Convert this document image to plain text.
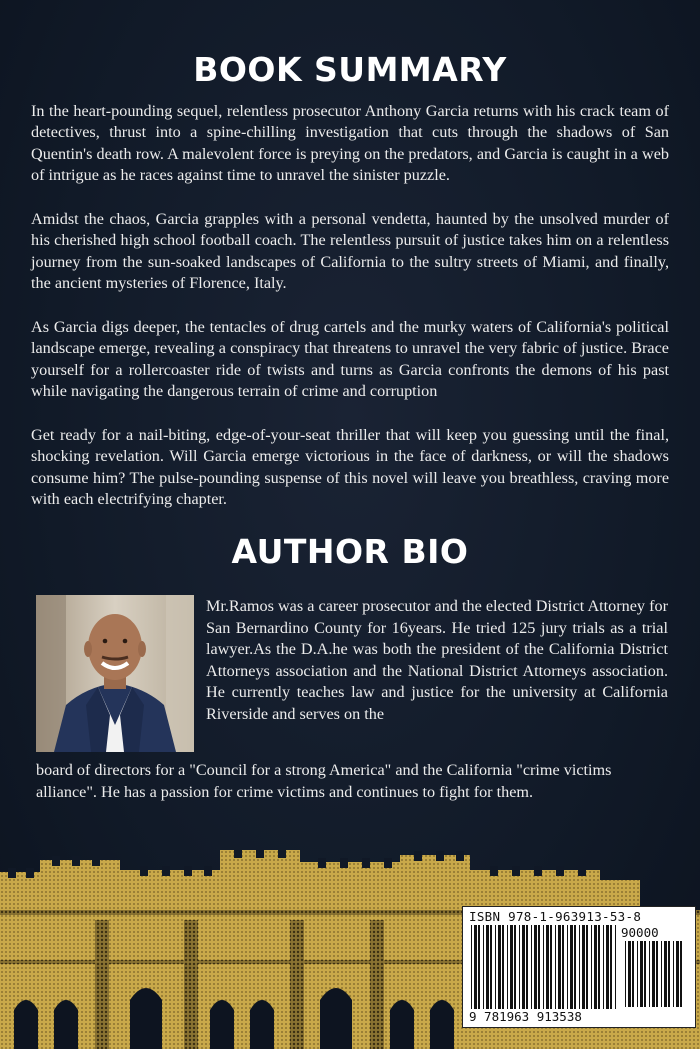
BOOK SUMMARY

In the heart-pounding sequel, relentless prosecutor Anthony Garcia returns with his crack team of detectives, thrust into a spine-chilling investigation that cuts through the shadows of San Quentin's death row. A malevolent force is preying on the predators, and Garcia is caught in a web of intrigue as he races against time to unravel the sinister puzzle.

Amidst the chaos, Garcia grapples with a personal vendetta, haunted by the unsolved murder of his cherished high school football coach. The relentless pursuit of justice takes him on a relentless journey from the sun-soaked landscapes of California to the sultry streets of Miami, and finally, the ancient mysteries of Florence, Italy.

As Garcia digs deeper, the tentacles of drug cartels and the murky waters of California's political landscape emerge, revealing a conspiracy that threatens to unravel the very fabric of justice. Brace yourself for a rollercoaster ride of twists and turns as Garcia confronts the demons of his past while navigating the dangerous terrain of crime and corruption

Get ready for a nail-biting, edge-of-your-seat thriller that will keep you guessing until the final, shocking revelation. Will Garcia emerge victorious in the face of darkness, or will the shadows consume him? The pulse-pounding suspense of this novel will leave you breathless, craving more with each electrifying chapter.

AUTHOR BIO

Mr.Ramos was a career prosecutor and the elected District Attorney for San Bernardino County for 16years. He tried 125 jury trials as a trial lawyer.As the D.A.he was both the president of the California District Attorneys association and the National District Attorneys association. He currently teaches law and justice for the university at California Riverside and serves on the

board of directors for a "Council for a strong America" and the California "crime victims alliance". He has a passion for crime victims and continues to fight for them.

ISBN 978-1-963913-53-8
90000
9 781963 913538
